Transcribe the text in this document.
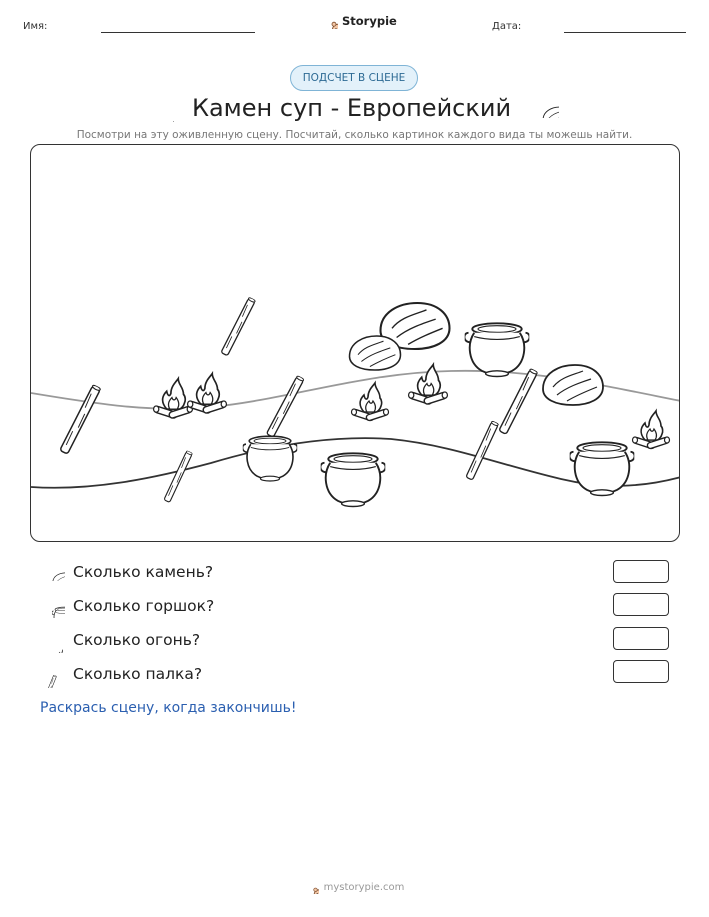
Имя:	Storypie	Дата:
ПОДСЧЕТ В СЦЕНЕ
Камен суп - Европейский
Посмотри на эту оживленную сцену. Посчитай, сколько картинок каждого вида ты можешь найти.
Сколько камень?
Сколько горшок?
Сколько огонь?
Сколько палка?
Раскрась сцену, когда закончишь!
mystorypie.com
